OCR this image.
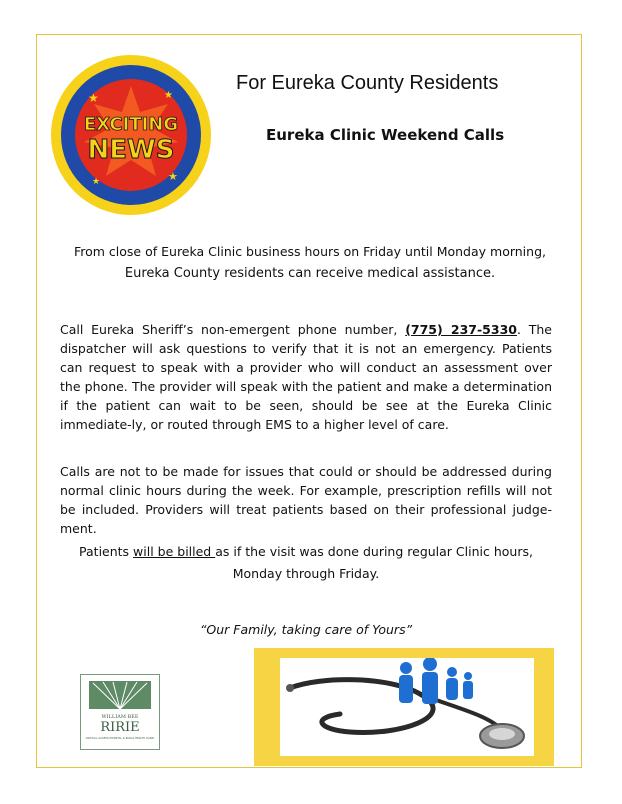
★	★
★
★
EXCITING
NEWS
For Eureka County Residents
Eureka Clinic Weekend Calls
From close of Eureka Clinic business hours on Friday until Monday morning,
Eureka County residents can receive medical assistance.
Call Eureka Sheriff’s non-emergent phone number, (775) 237-5330. The dispatcher will ask questions to verify that it is not an emergency. Patients can request to speak with a provider who will conduct an assessment over the phone. The provider will speak with the patient and make a determination if the patient can wait to be seen, should be see at the Eureka Clinic immediate-ly, or routed through EMS to a higher level of care.
Calls are not to be made for issues that could or should be addressed during normal clinic hours during the week. For example, prescription refills will not be included. Providers will treat patients based on their professional judge-ment.
Patients will be billed as if the visit was done during regular Clinic hours,
Monday through Friday.
“Our Family, taking care of Yours”
WILLIAM BEE
RIRIE
CRITICAL ACCESS HOSPITAL & RURAL HEALTH CLINIC
